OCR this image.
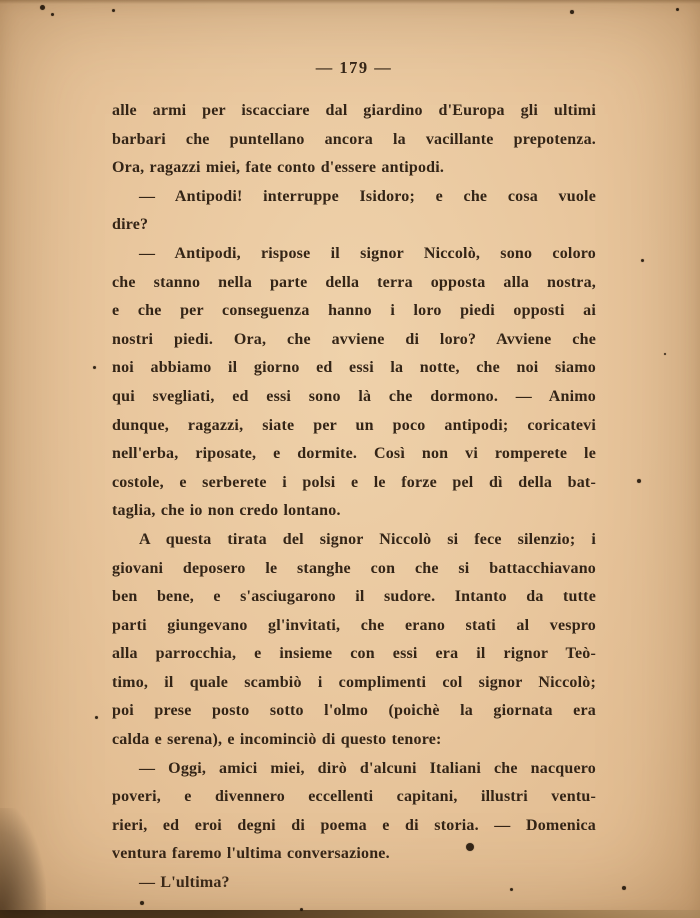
— 179 —
alle armi per iscacciare dal giardino d'Europa gli ultimi
barbari che puntellano ancora la vacillante prepotenza.
Ora, ragazzi miei, fate conto d'essere antipodi.
— Antipodi! interruppe Isidoro; e che cosa vuole
dire?
— Antipodi, rispose il signor Niccolò, sono coloro
che stanno nella parte della terra opposta alla nostra,
e che per conseguenza hanno i loro piedi opposti ai
nostri piedi. Ora, che avviene di loro? Avviene che
noi abbiamo il giorno ed essi la notte, che noi siamo
qui svegliati, ed essi sono là che dormono. — Animo
dunque, ragazzi, siate per un poco antipodi; coricatevi
nell'erba, riposate, e dormite. Così non vi romperete le
costole, e serberete i polsi e le forze pel dì della bat-
taglia, che io non credo lontano.
A questa tirata del signor Niccolò si fece silenzio; i
giovani deposero le stanghe con che si battacchiavano
ben bene, e s'asciugarono il sudore. Intanto da tutte
parti giungevano gl'invitati, che erano stati al vespro
alla parrocchia, e insieme con essi era il rignor Teò-
timo, il quale scambiò i complimenti col signor Niccolò;
poi prese posto sotto l'olmo (poichè la giornata era
calda e serena), e incominciò di questo tenore:
— Oggi, amici miei, dirò d'alcuni Italiani che nacquero
poveri, e divennero eccellenti capitani, illustri ventu-
rieri, ed eroi degni di poema e di storia. — Domenica
ventura faremo l'ultima conversazione.
— L'ultima?
